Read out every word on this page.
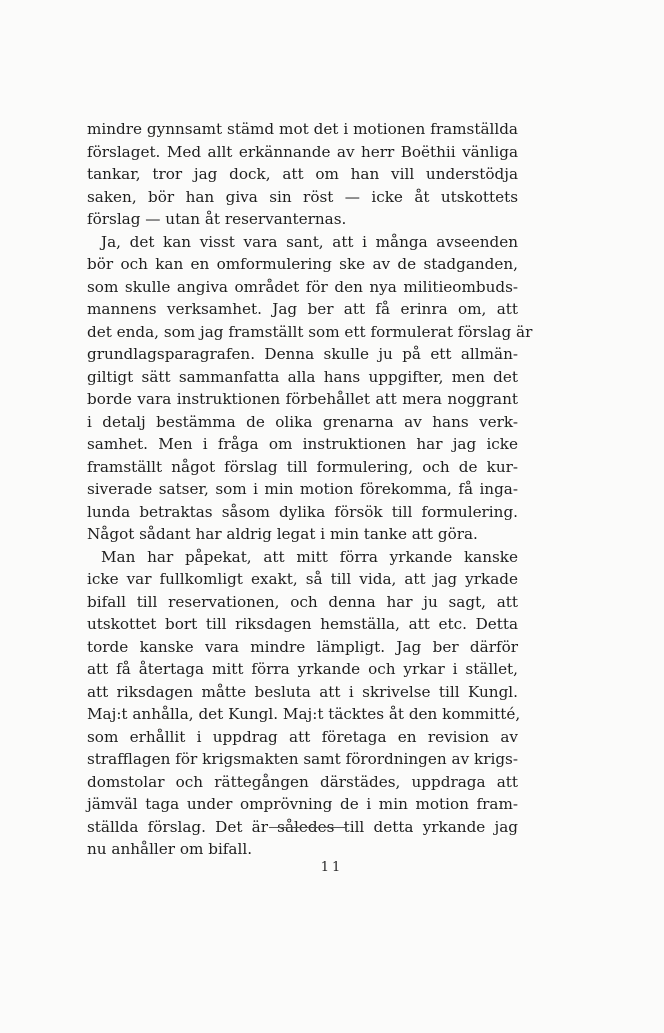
mindre gynnsamt stämd mot det i motionen framställda
förslaget. Med allt erkännande av herr Boëthii vänliga
tankar, tror jag dock, att om han vill understödja
saken, bör han giva sin röst — icke åt utskottets
förslag — utan åt reservanternas.
Ja, det kan visst vara sant, att i många avseenden
bör och kan en omformulering ske av de stadganden,
som skulle angiva området för den nya militieombuds-
mannens verksamhet. Jag ber att få erinra om, att
det enda, som jag framställt som ett formulerat förslag är
grundlagsparagrafen. Denna skulle ju på ett allmän-
giltigt sätt sammanfatta alla hans uppgifter, men det
borde vara instruktionen förbehållet att mera noggrant
i detalj bestämma de olika grenarna av hans verk-
samhet. Men i fråga om instruktionen har jag icke
framställt något förslag till formulering, och de kur-
siverade satser, som i min motion förekomma, få inga-
lunda betraktas såsom dylika försök till formulering.
Något sådant har aldrig legat i min tanke att göra.
Man har påpekat, att mitt förra yrkande kanske
icke var fullkomligt exakt, så till vida, att jag yrkade
bifall till reservationen, och denna har ju sagt, att
utskottet bort till riksdagen hemställa, att etc. Detta
torde kanske vara mindre lämpligt. Jag ber därför
att få återtaga mitt förra yrkande och yrkar i stället,
att riksdagen måtte besluta att i skrivelse till Kungl.
Maj:t anhålla, det Kungl. Maj:t täcktes åt den kommitté,
som erhållit i uppdrag att företaga en revision av
strafflagen för krigsmakten samt förordningen av krigs-
domstolar och rättegången därstädes, uppdraga att
jämväl taga under omprövning de i min motion fram-
ställda förslag. Det är således till detta yrkande jag
nu anhåller om bifall.
11
